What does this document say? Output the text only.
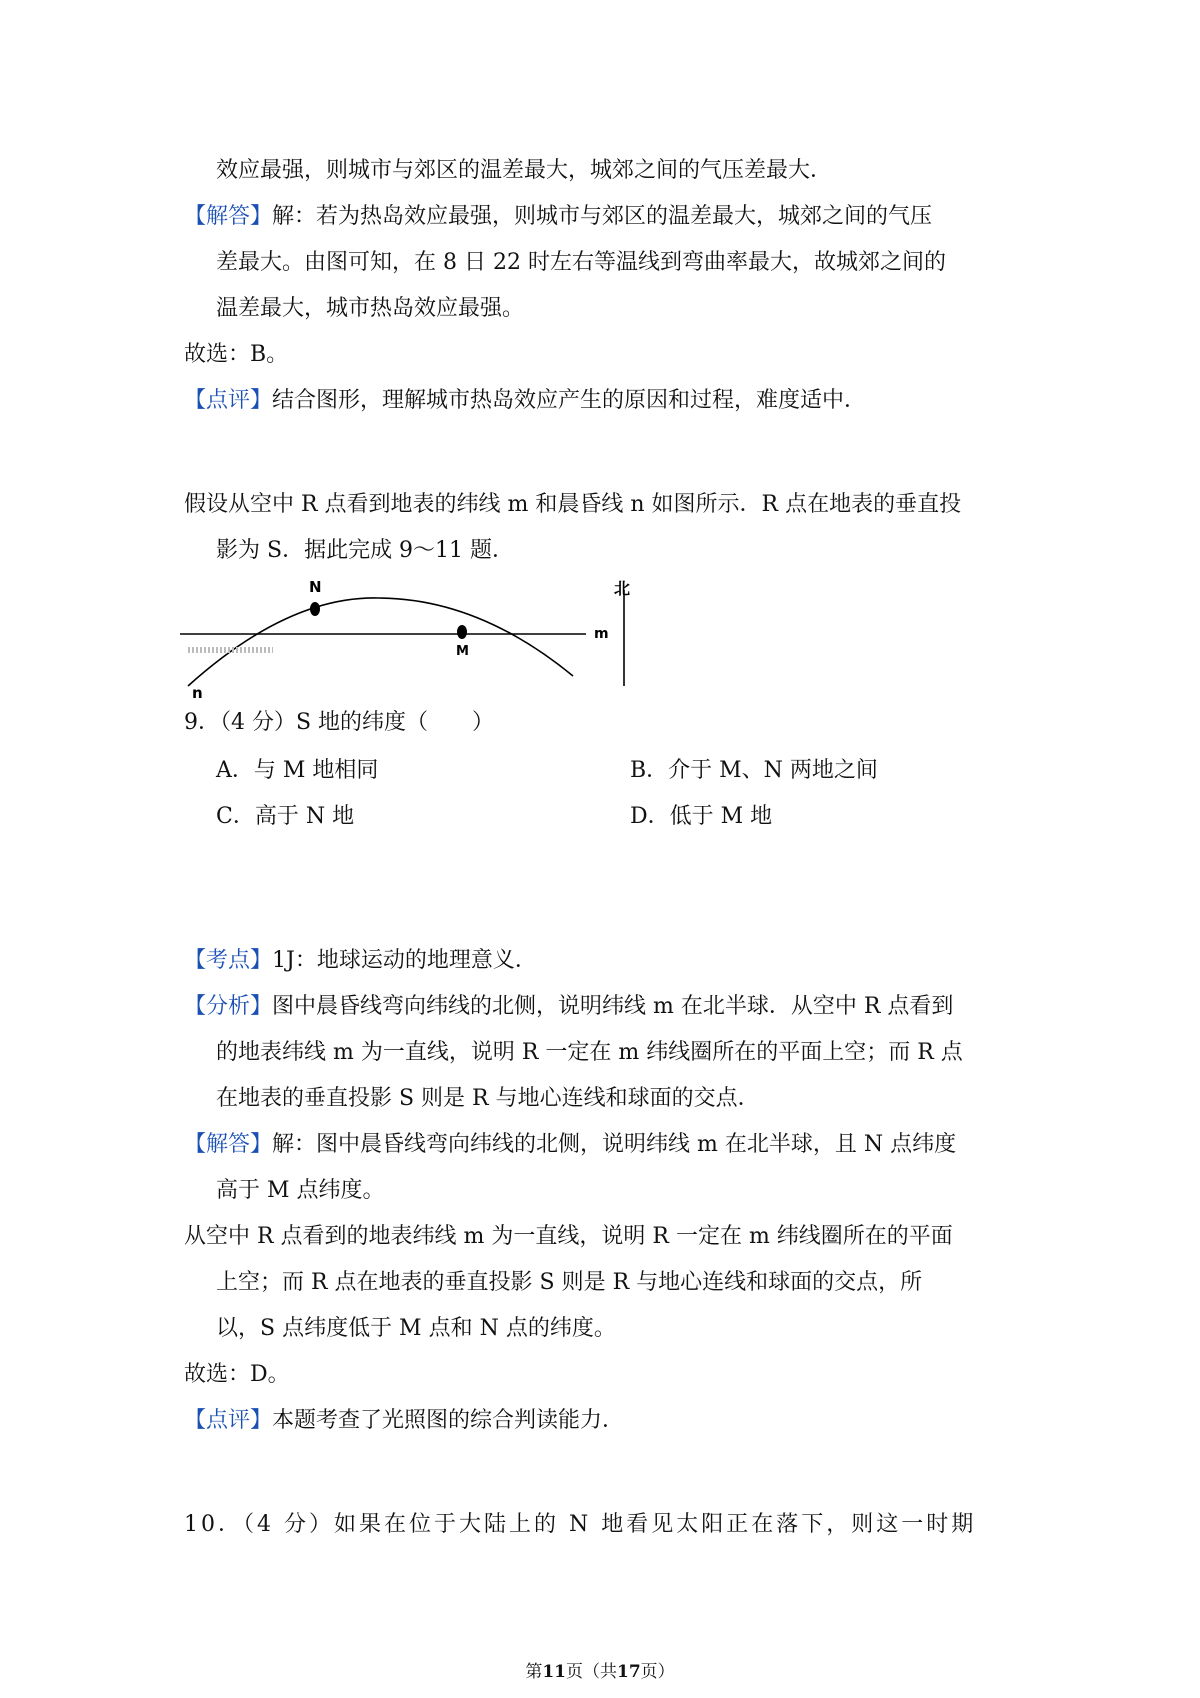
效应最强，则城市与郊区的温差最大，城郊之间的气压差最大．
【解答】解：若为热岛效应最强，则城市与郊区的温差最大，城郊之间的气压
差最大。由图可知，在 8 日 22 时左右等温线到弯曲率最大，故城郊之间的
温差最大，城市热岛效应最强。
故选：B。
【点评】结合图形，理解城市热岛效应产生的原因和过程，难度适中．
假设从空中 R 点看到地表的纬线 m 和晨昏线 n 如图所示．R 点在地表的垂直投
影为 S．据此完成 9～11 题．
N
M
m
n
北
9．（4 分）S 地的纬度（　　）
A．与 M 地相同	B．介于 M、N 两地之间
C．高于 N 地	D．低于 M 地
【考点】1J：地球运动的地理意义．
【分析】图中晨昏线弯向纬线的北侧，说明纬线 m 在北半球．从空中 R 点看到
的地表纬线 m 为一直线，说明 R 一定在 m 纬线圈所在的平面上空；而 R 点
在地表的垂直投影 S 则是 R 与地心连线和球面的交点．
【解答】解：图中晨昏线弯向纬线的北侧，说明纬线 m 在北半球，且 N 点纬度
高于 M 点纬度。
从空中 R 点看到的地表纬线 m 为一直线，说明 R 一定在 m 纬线圈所在的平面
上空；而 R 点在地表的垂直投影 S 则是 R 与地心连线和球面的交点，所
以，S 点纬度低于 M 点和 N 点的纬度。
故选：D。
【点评】本题考查了光照图的综合判读能力．
10．（4 分）如果在位于大陆上的 N 地看见太阳正在落下，则这一时期
第11页（共17页）
